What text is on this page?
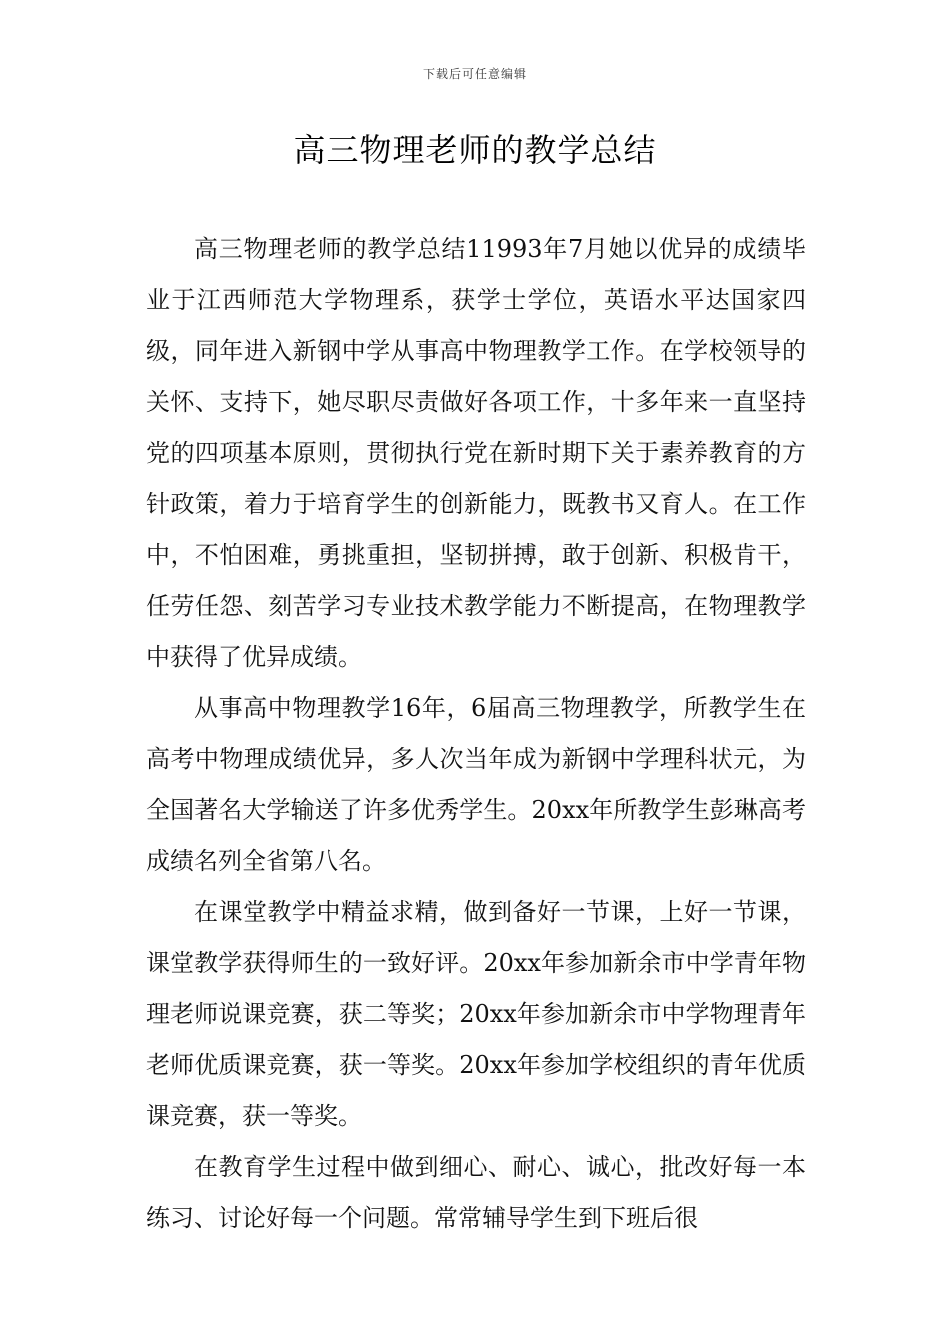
下载后可任意编辑
高三物理老师的教学总结

高三物理老师的教学总结11993年7月她以优异的成绩毕业于江西师范大学物理系，获学士学位，英语水平达国家四级，同年进入新钢中学从事高中物理教学工作。在学校领导的关怀、支持下，她尽职尽责做好各项工作，十多年来一直坚持党的四项基本原则，贯彻执行党在新时期下关于素养教育的方针政策，着力于培育学生的创新能力，既教书又育人。在工作中，不怕困难，勇挑重担，坚韧拼搏，敢于创新、积极肯干，任劳任怨、刻苦学习专业技术教学能力不断提高，在物理教学中获得了优异成绩。

从事高中物理教学16年，6届高三物理教学，所教学生在高考中物理成绩优异，多人次当年成为新钢中学理科状元，为全国著名大学输送了许多优秀学生。20xx年所教学生彭琳高考成绩名列全省第八名。

在课堂教学中精益求精，做到备好一节课，上好一节课，课堂教学获得师生的一致好评。20xx年参加新余市中学青年物理老师说课竞赛，获二等奖；20xx年参加新余市中学物理青年老师优质课竞赛，获一等奖。20xx年参加学校组织的青年优质课竞赛，获一等奖。

在教育学生过程中做到细心、耐心、诚心，批改好每一本练习、讨论好每一个问题。常常辅导学生到下班后很
